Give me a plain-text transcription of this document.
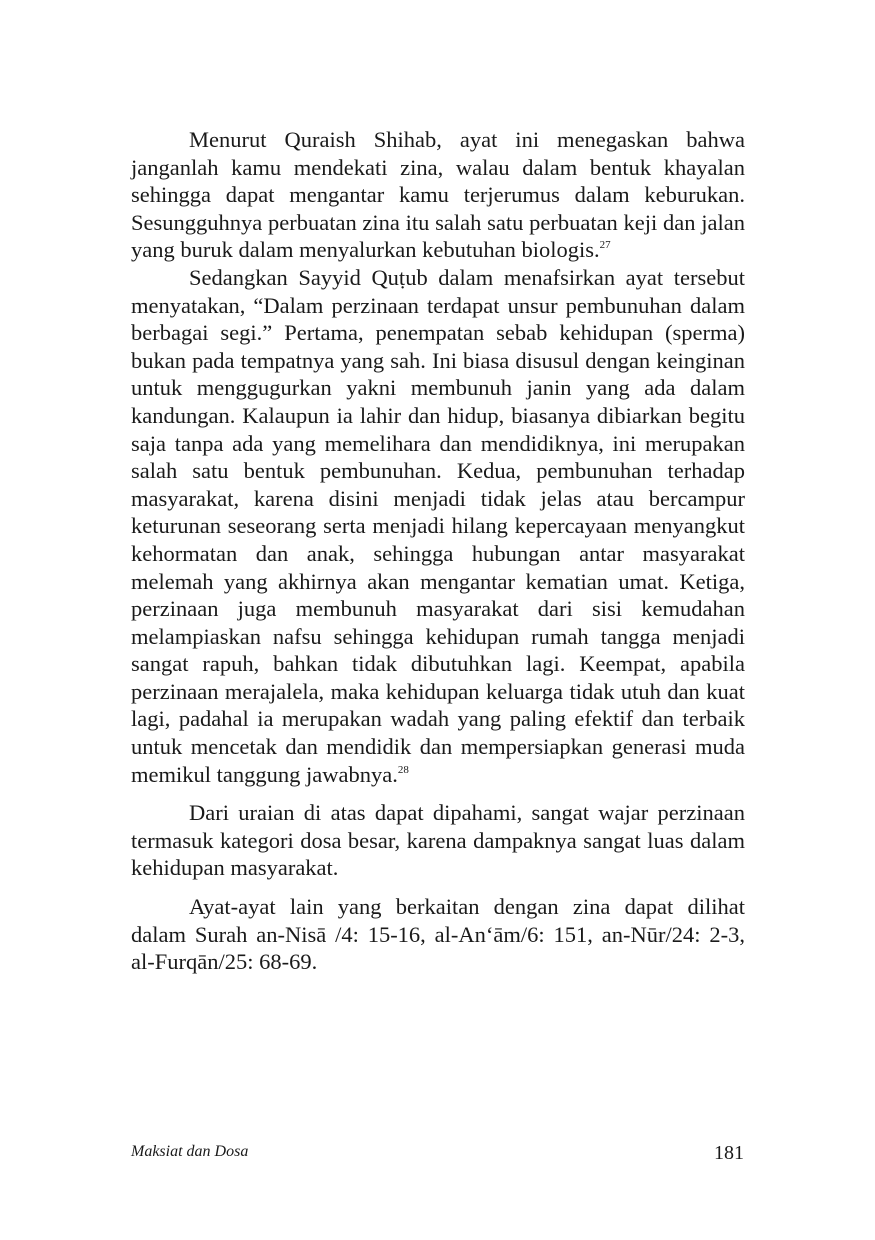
Menurut Quraish Shihab, ayat ini menegaskan bahwa janganlah kamu mendekati zina, walau dalam bentuk khayalan sehingga dapat mengantar kamu terjerumus dalam keburukan. Sesungguhnya perbuatan zina itu salah satu perbuatan keji dan jalan yang buruk dalam menyalurkan kebutuhan biologis.$^{27}$

Sedangkan Sayyid Quṭub dalam menafsirkan ayat tersebut menyatakan, “Dalam perzinaan terdapat unsur pembunuhan dalam berbagai segi.” Pertama, penempatan sebab kehidupan (sperma) bukan pada tempatnya yang sah. Ini biasa disusul dengan keinginan untuk menggugurkan yakni membunuh janin yang ada dalam kandungan. Kalaupun ia lahir dan hidup, biasanya dibiarkan begitu saja tanpa ada yang memelihara dan mendidiknya, ini merupakan salah satu bentuk pembunuhan. Kedua, pembunuhan terhadap masyarakat, karena disini menjadi tidak jelas atau bercampur keturunan seseorang serta menjadi hilang kepercayaan menyangkut kehormatan dan anak, sehingga hubungan antar masyarakat melemah yang akhirnya akan mengantar kematian umat. Ketiga, perzinaan juga membunuh masyarakat dari sisi kemudahan melampiaskan nafsu sehingga kehidupan rumah tangga menjadi sangat rapuh, bahkan tidak dibutuhkan lagi. Keempat, apabila perzinaan merajalela, maka kehidupan keluarga tidak utuh dan kuat lagi, padahal ia merupakan wadah yang paling efektif dan terbaik untuk mencetak dan mendidik dan mempersiapkan generasi muda memikul tanggung jawabnya.$^{28}$

Dari uraian di atas dapat dipahami, sangat wajar perzinaan termasuk kategori dosa besar, karena dampaknya sangat luas dalam kehidupan masyarakat.

Ayat-ayat lain yang berkaitan dengan zina dapat dilihat dalam Surah an-Nisā /4: 15-16, al-An‘ām/6: 151, an-Nūr/24: 2-3, al-Furqān/25: 68-69.

Maksiat dan Dosa	181
